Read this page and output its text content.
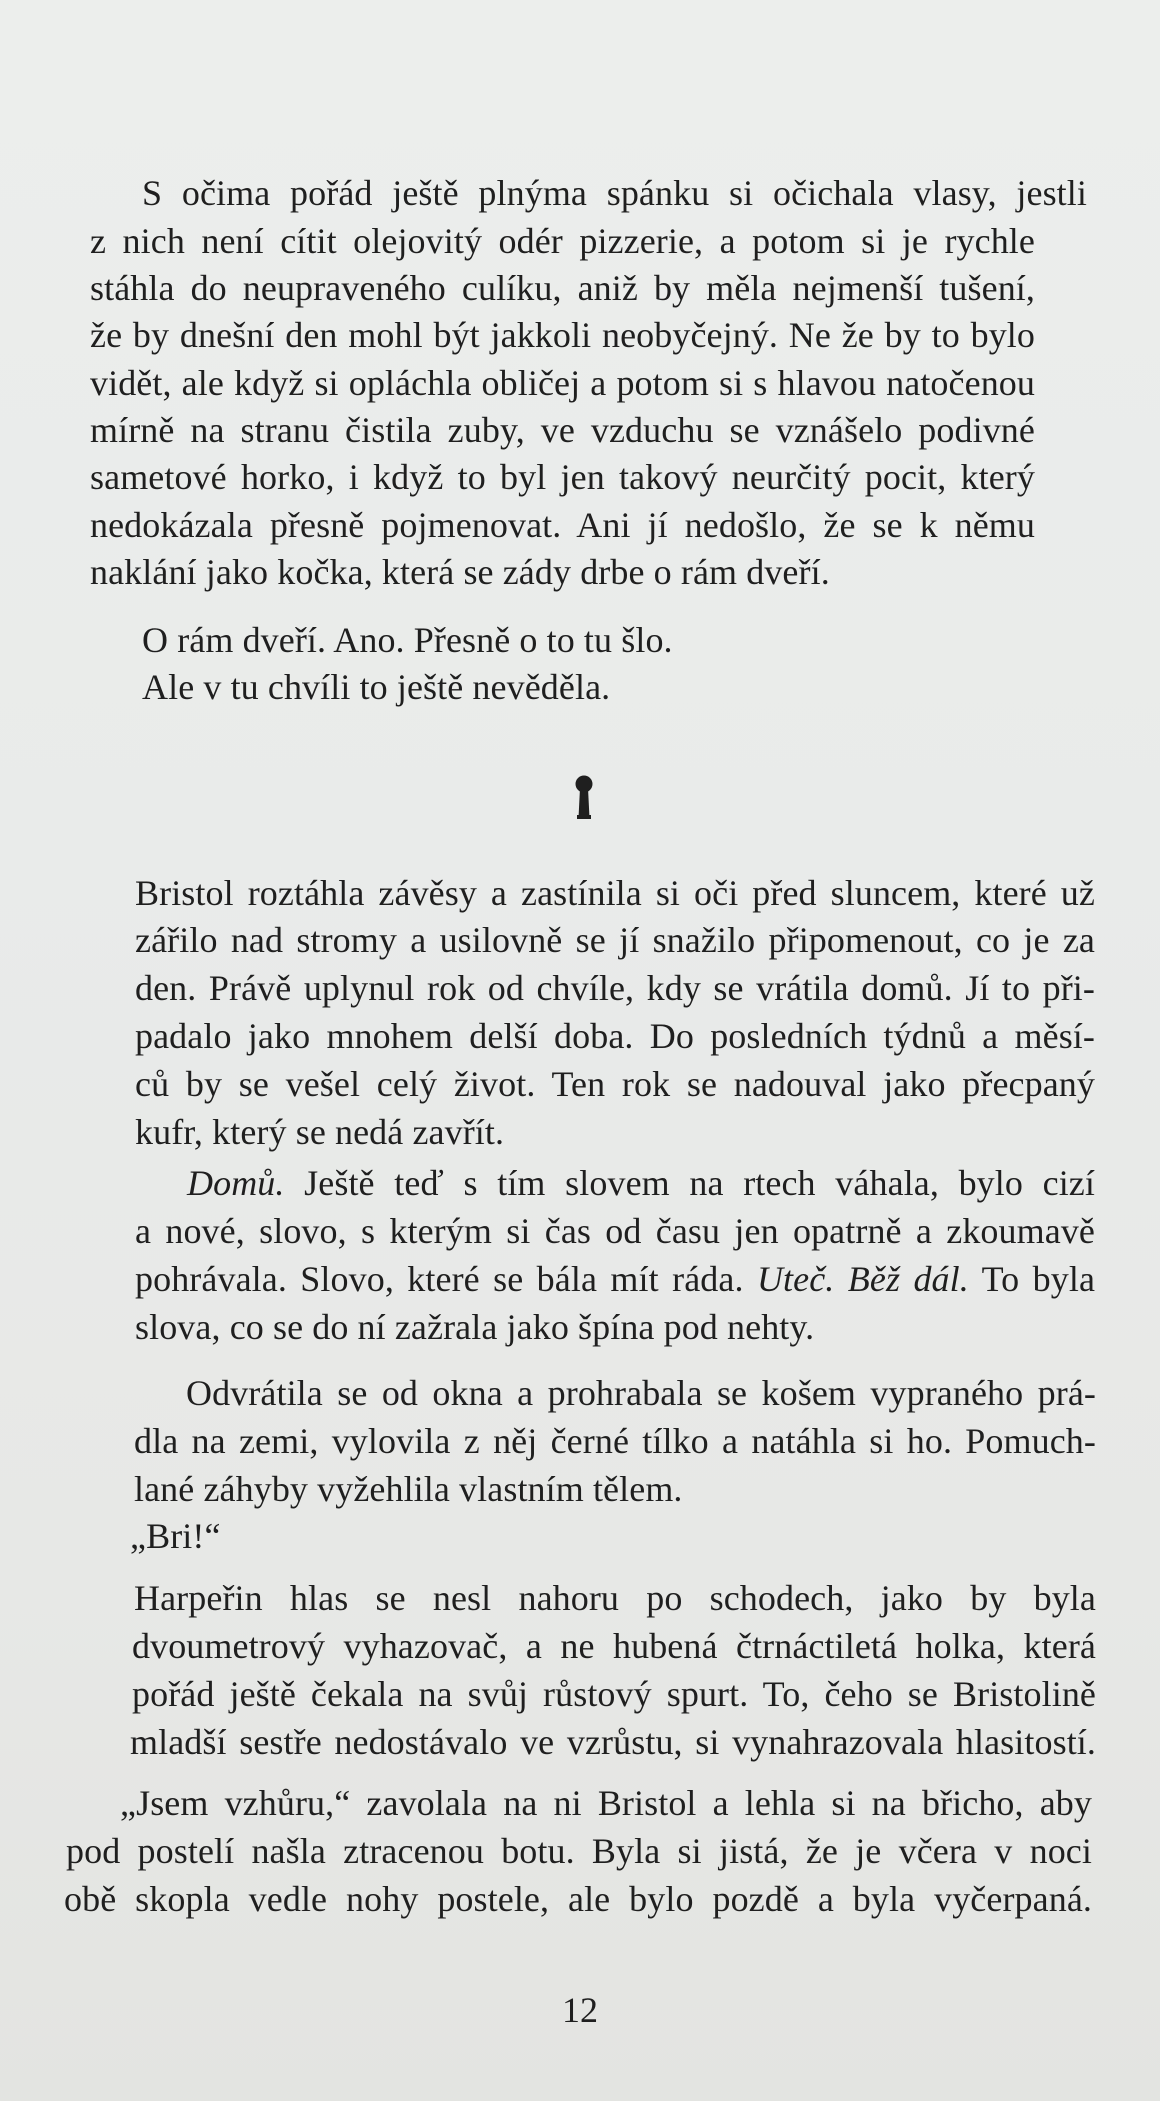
S očima pořád ještě plnýma spánku si očichala vlasy, jestli

z nich není cítit olejovitý odér pizzerie, a potom si je rychle

stáhla do neupraveného culíku, aniž by měla nejmenší tušení,

že by dnešní den mohl být jakkoli neobyčejný. Ne že by to bylo

vidět, ale když si opláchla obličej a potom si s hlavou natočenou

mírně na stranu čistila zuby, ve vzduchu se vznášelo podivné

sametové horko, i když to byl jen takový neurčitý pocit, který

nedokázala přesně pojmenovat. Ani jí nedošlo, že se k němu

naklání jako kočka, která se zády drbe o rám dveří.

O rám dveří. Ano. Přesně o to tu šlo.

Ale v tu chvíli to ještě nevěděla.

Bristol roztáhla závěsy a zastínila si oči před sluncem, které už

zářilo nad stromy a usilovně se jí snažilo připomenout, co je za

den. Právě uplynul rok od chvíle, kdy se vrátila domů. Jí to při-

padalo jako mnohem delší doba. Do posledních týdnů a měsí-

ců by se vešel celý život. Ten rok se nadouval jako přecpaný

kufr, který se nedá zavřít.

Domů. Ještě teď s tím slovem na rtech váhala, bylo cizí

a nové, slovo, s kterým si čas od času jen opatrně a zkoumavě

pohrávala. Slovo, které se bála mít ráda. Uteč. Běž dál. To byla

slova, co se do ní zažrala jako špína pod nehty.

Odvrátila se od okna a prohrabala se košem vypraného prá-

dla na zemi, vylovila z něj černé tílko a natáhla si ho. Pomuch-

lané záhyby vyžehlila vlastním tělem.

„Bri!“

Harpeřin hlas se nesl nahoru po schodech, jako by byla

dvoumetrový vyhazovač, a ne hubená čtrnáctiletá holka, která

pořád ještě čekala na svůj růstový spurt. To, čeho se Bristolině

mladší sestře nedostávalo ve vzrůstu, si vynahrazovala hlasitostí.

„Jsem vzhůru,“ zavolala na ni Bristol a lehla si na břicho, aby

pod postelí našla ztracenou botu. Byla si jistá, že je včera v noci

obě skopla vedle nohy postele, ale bylo pozdě a byla vyčerpaná.

12
